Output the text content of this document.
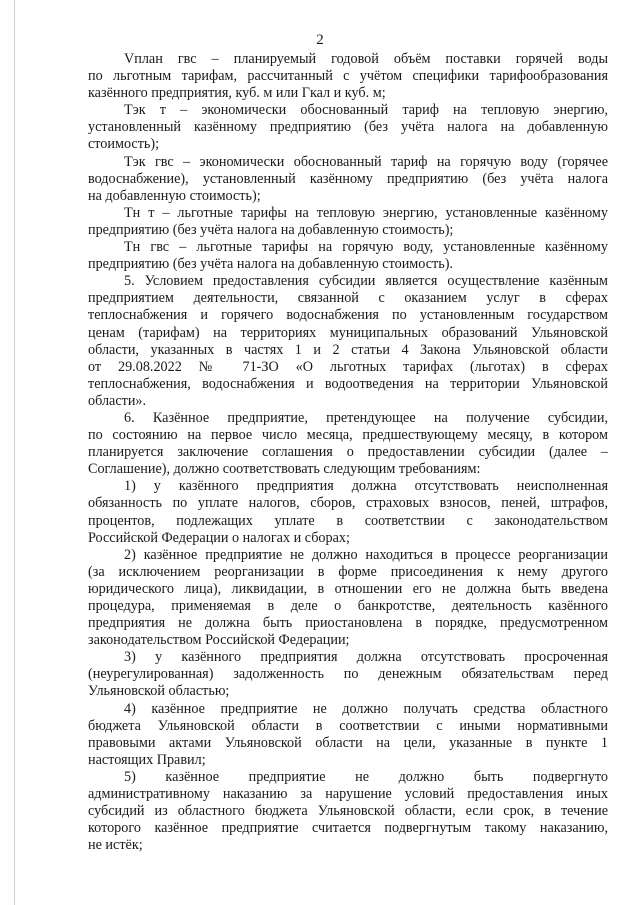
2
Vплан гвс – планируемый годовой объём поставки горячей воды
по льготным тарифам, рассчитанный с учётом специфики тарифообразования
казённого предприятия, куб. м или Гкал и куб. м;
Тэк т – экономически обоснованный тариф на тепловую энергию,
установленный казённому предприятию (без учёта налога на добавленную
стоимость);
Тэк гвс – экономически обоснованный тариф на горячую воду (горячее
водоснабжение), установленный казённому предприятию (без учёта налога
на добавленную стоимость);
Тн т – льготные тарифы на тепловую энергию, установленные казённому
предприятию (без учёта налога на добавленную стоимость);
Тн гвс – льготные тарифы на горячую воду, установленные казённому
предприятию (без учёта налога на добавленную стоимость).
5. Условием предоставления субсидии является осуществление казённым
предприятием деятельности, связанной с оказанием услуг в сферах
теплоснабжения и горячего водоснабжения по установленным государством
ценам (тарифам) на территориях муниципальных образований Ульяновской
области, указанных в частях 1 и 2 статьи 4 Закона Ульяновской области
от 29.08.2022 № 71-ЗО «О льготных тарифах (льготах) в сферах
теплоснабжения, водоснабжения и водоотведения на территории Ульяновской
области».
6. Казённое предприятие, претендующее на получение субсидии,
по состоянию на первое число месяца, предшествующему месяцу, в котором
планируется заключение соглашения о предоставлении субсидии (далее –
Соглашение), должно соответствовать следующим требованиям:
1) у казённого предприятия должна отсутствовать неисполненная
обязанность по уплате налогов, сборов, страховых взносов, пеней, штрафов,
процентов, подлежащих уплате в соответствии с законодательством
Российской Федерации о налогах и сборах;
2) казённое предприятие не должно находиться в процессе реорганизации
(за исключением реорганизации в форме присоединения к нему другого
юридического лица), ликвидации, в отношении его не должна быть введена
процедура, применяемая в деле о банкротстве, деятельность казённого
предприятия не должна быть приостановлена в порядке, предусмотренном
законодательством Российской Федерации;
3) у казённого предприятия должна отсутствовать просроченная
(неурегулированная) задолженность по денежным обязательствам перед
Ульяновской областью;
4) казённое предприятие не должно получать средства областного
бюджета Ульяновской области в соответствии с иными нормативными
правовыми актами Ульяновской области на цели, указанные в пункте 1
настоящих Правил;
5) казённое предприятие не должно быть подвергнуто
административному наказанию за нарушение условий предоставления иных
субсидий из областного бюджета Ульяновской области, если срок, в течение
которого казённое предприятие считается подвергнутым такому наказанию,
не истёк;
